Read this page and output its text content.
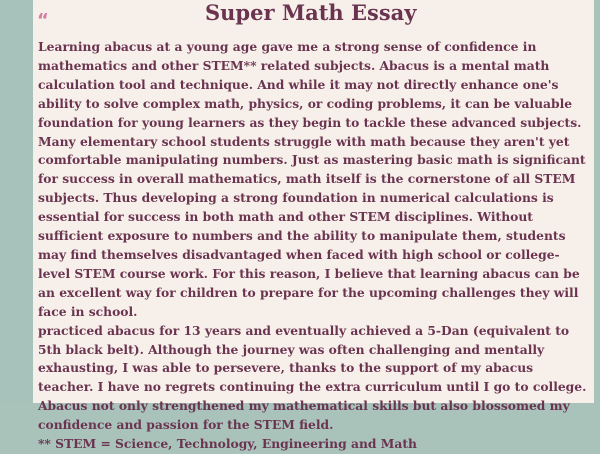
“	Super Math Essay

Learning abacus at a young age gave me a strong sense of confidence in mathematics and other STEM** related subjects. Abacus is a mental math calculation tool and technique. And while it may not directly enhance one's ability to solve complex math, physics, or coding problems, it can be valuable foundation for young learners as they begin to tackle these advanced subjects.

Many elementary school students struggle with math because they aren't yet comfortable manipulating numbers. Just as mastering basic math is significant for success in overall mathematics, math itself is the cornerstone of all STEM subjects. Thus developing a strong foundation in numerical calculations is essential for success in both math and other STEM disciplines. Without sufficient exposure to numbers and the ability to manipulate them, students may find themselves disadvantaged when faced with high school or college-level STEM course work. For this reason, I believe that learning abacus can be an excellent way for children to prepare for the upcoming challenges they will face in school.

practiced abacus for 13 years and eventually achieved a 5-Dan (equivalent to 5th black belt). Although the journey was often challenging and mentally exhausting, I was able to persevere, thanks to the support of my abacus teacher. I have no regrets continuing the extra curriculum until I go to college. Abacus not only strengthened my mathematical skills but also blossomed my confidence and passion for the STEM field.

** STEM = Science, Technology, Engineering and Math
